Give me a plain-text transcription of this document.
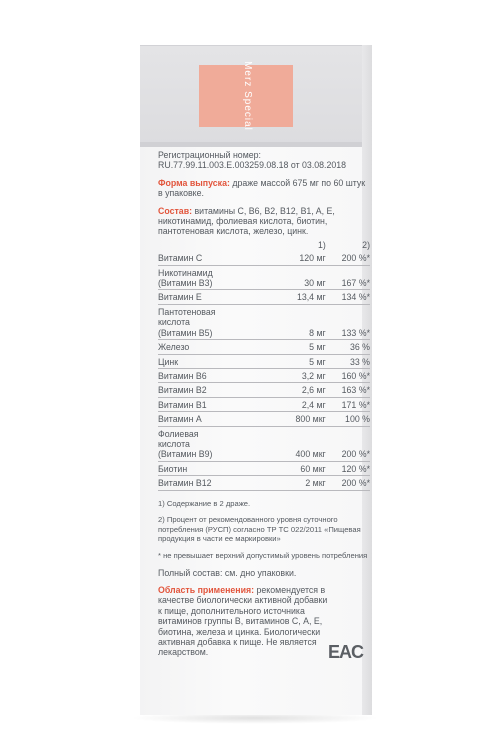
Merz Special

Регистрационный номер: RU.77.99.11.003.E.003259.08.18 от 03.08.2018

Форма выпуска: драже массой 675 мг по 60 штук в упаковке.

Состав: витамины C, B6, B2, B12, B1, A, E, никотинамид, фолиевая кислота, биотин, пантотеновая кислота, железо, цинк.

	1)	2)
Витамин С	120 мг	200 %*
Никотинамид (Витамин В3)	30 мг	167 %*
Витамин Е	13,4 мг	134 %*
Пантотеновая кислота (Витамин В5)	8 мг	133 %*
Железо	5 мг	36 %
Цинк	5 мг	33 %
Витамин В6	3,2 мг	160 %*
Витамин В2	2,6 мг	163 %*
Витамин В1	2,4 мг	171 %*
Витамин А	800 мкг	100 %
Фолиевая кислота (Витамин В9)	400 мкг	200 %*
Биотин	60 мкг	120 %*
Витамин В12	2 мкг	200 %*

1) Содержание в 2 драже.

2) Процент от рекомендованного уровня суточного потребления (РУСП) согласно ТР ТС 022/2011 «Пищевая продукция в части ее маркировки»

* не превышает верхний допустимый уровень потребления

Полный состав: см. дно упаковки.

Область применения: рекомендуется в качестве биологически активной добавки к пище, дополнительного источника витаминов группы В, витаминов С, А, Е, биотина, железа и цинка. Биологически активная добавка к пище. Не является лекарством.	EAC
